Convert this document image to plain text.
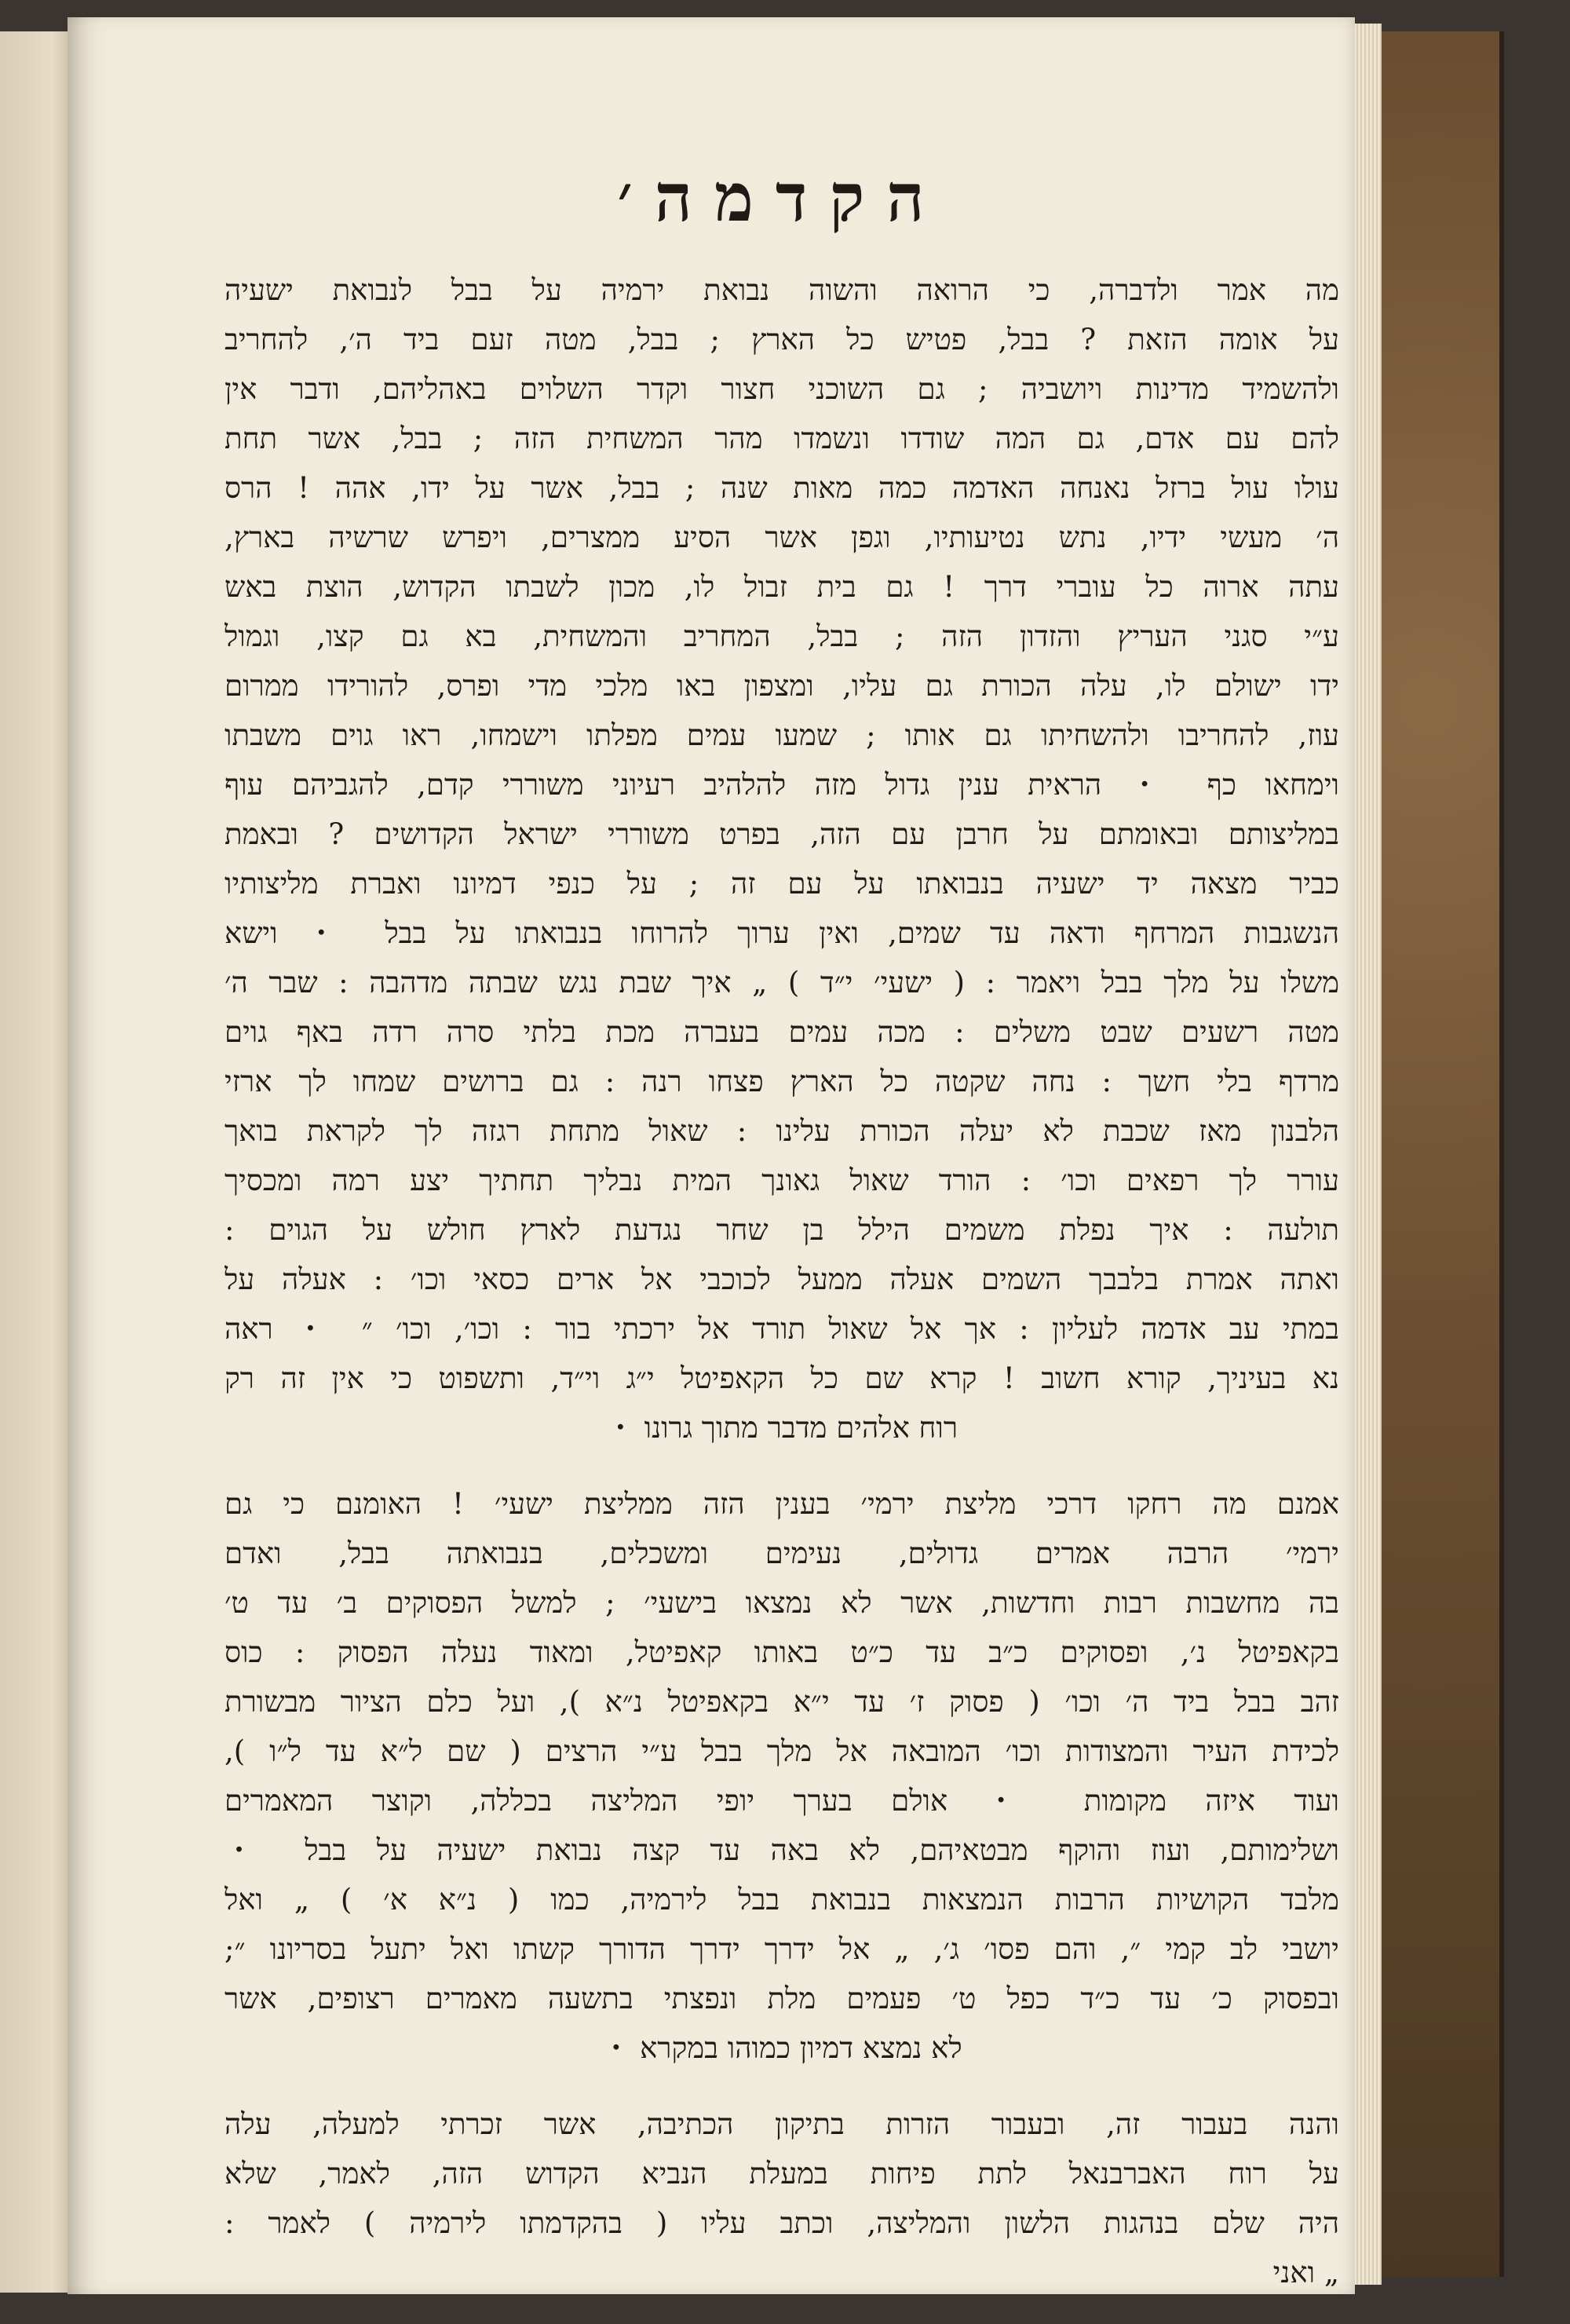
הקדמה׳
מה אמר ולדברה, כי הרואה והשוה נבואת ירמיה על בבל לנבואת ישעיה
על אומה הזאת ? בבל, פטיש כל הארץ ; בבל, מטה זעם ביד ה׳, להחריב
ולהשמיד מדינות ויושביה ; גם השוכני חצור וקדר השלוים באהליהם, ודבר אין
להם עם אדם, גם המה שודדו ונשמדו מהר המשחית הזה ; בבל, אשר תחת
עולו עול ברזל נאנחה האדמה כמה מאות שנה ; בבל, אשר על ידו, אהה ! הרס
ה׳ מעשי ידיו, נתש נטיעותיו, וגפן אשר הסיע ממצרים, ויפרש שרשיה בארץ,
עתה ארוה כל עוברי דרך ! גם בית זבול לו, מכון לשבתו הקדוש, הוצת באש
ע״י סגני העריץ והזדון הזה ; בבל, המחריב והמשחית, בא גם קצו, וגמול
ידו ישולם לו, עלה הכורת גם עליו, ומצפון באו מלכי מדי ופרס, להורידו ממרום
עוז, להחריבו ולהשחיתו גם אותו ; שמעו עמים מפלתו וישמחו, ראו גוים משבתו
וימחאו כף ・ הראית ענין גדול מזה להלהיב רעיוני משוררי קדם, להגביהם עוף
במליצותם ובאומתם על חרבן עם הזה, בפרט משוררי ישראל הקדושים ? ובאמת
כביר מצאה יד ישעיה בנבואתו על עם זה ; על כנפי דמיונו ואברת מליצותיו
הנשגבות המרחף ודאה עד שמים, ואין ערוך להרוחו בנבואתו על בבל ・ וישא
משלו על מלך בבל ויאמר : ( ישעי׳ י״ד ) „ איך שבת נגש שבתה מדהבה : שבר ה׳
מטה רשעים שבט משלים : מכה עמים בעברה מכת בלתי סרה רדה באף גוים
מרדף בלי חשך : נחה שקטה כל הארץ פצחו רנה : גם ברושים שמחו לך ארזי
הלבנון מאז שכבת לא יעלה הכורת עלינו : שאול מתחת רגזה לך לקראת בואך
עורר לך רפאים וכו׳ : הורד שאול גאונך המית נבליך תחתיך יצע רמה ומכסיך
תולעה : איך נפלת משמים הילל בן שחר נגדעת לארץ חולש על הגוים :
ואתה אמרת בלבבך השמים אעלה ממעל לכוכבי אל ארים כסאי וכו׳ : אעלה על
במתי עב אדמה לעליון : אך אל שאול תורד אל ירכתי בור : וכו׳, וכו׳ ״ ・ ראה
נא בעיניך, קורא חשוב ! קרא שם כל הקאפיטל י״ג וי״ד, ותשפוט כי אין זה רק
רוח אלהים מדבר מתוך גרונו ・
אמנם מה רחקו דרכי מליצת ירמי׳ בענין הזה ממליצת ישעי׳ ! האומנם כי גם
ירמי׳ הרבה אמרים גדולים, נעימים ומשכלים, בנבואתה בבל, ואדם
בה מחשבות רבות וחדשות, אשר לא נמצאו בישעי׳ ; למשל הפסוקים ב׳ עד ט׳
בקאפיטל נ׳, ופסוקים כ״ב עד כ״ט באותו קאפיטל, ומאוד נעלה הפסוק : כוס
זהב בבל ביד ה׳ וכו׳ ( פסוק ז׳ עד י״א בקאפיטל נ״א ), ועל כלם הציור מבשורת
לכידת העיר והמצודות וכו׳ המובאה אל מלך בבל ע״י הרצים ( שם ל״א עד ל״ו ),
ועוד איזה מקומות ・ אולם בערך יופי המליצה בכללה, וקוצר המאמרים
ושלימותם, ועוז והוקף מבטאיהם, לא באה עד קצה נבואת ישעיה על בבל ・
מלבד הקושיות הרבות הנמצאות בנבואת בבל לירמיה, כמו ( נ״א א׳ ) „ ואל
יושבי לב קמי ״, והם פסו׳ ג׳, „ אל ידרך ידרך הדורך קשתו ואל יתעל בסריונו ״;
ובפסוק כ׳ עד כ״ד כפל ט׳ פעמים מלת ונפצתי בתשעה מאמרים רצופים, אשר
לא נמצא דמיון כמוהו במקרא ・
והנה בעבור זה, ובעבור הזרות בתיקון הכתיבה, אשר זכרתי למעלה, עלה
על רוח האברבנאל לתת פיחות במעלת הנביא הקדוש הזה, לאמר, שלא
היה שלם בנהגות הלשון והמליצה, וכתב עליו ( בהקדמתו לירמיה ) לאמר :
„ ואני
